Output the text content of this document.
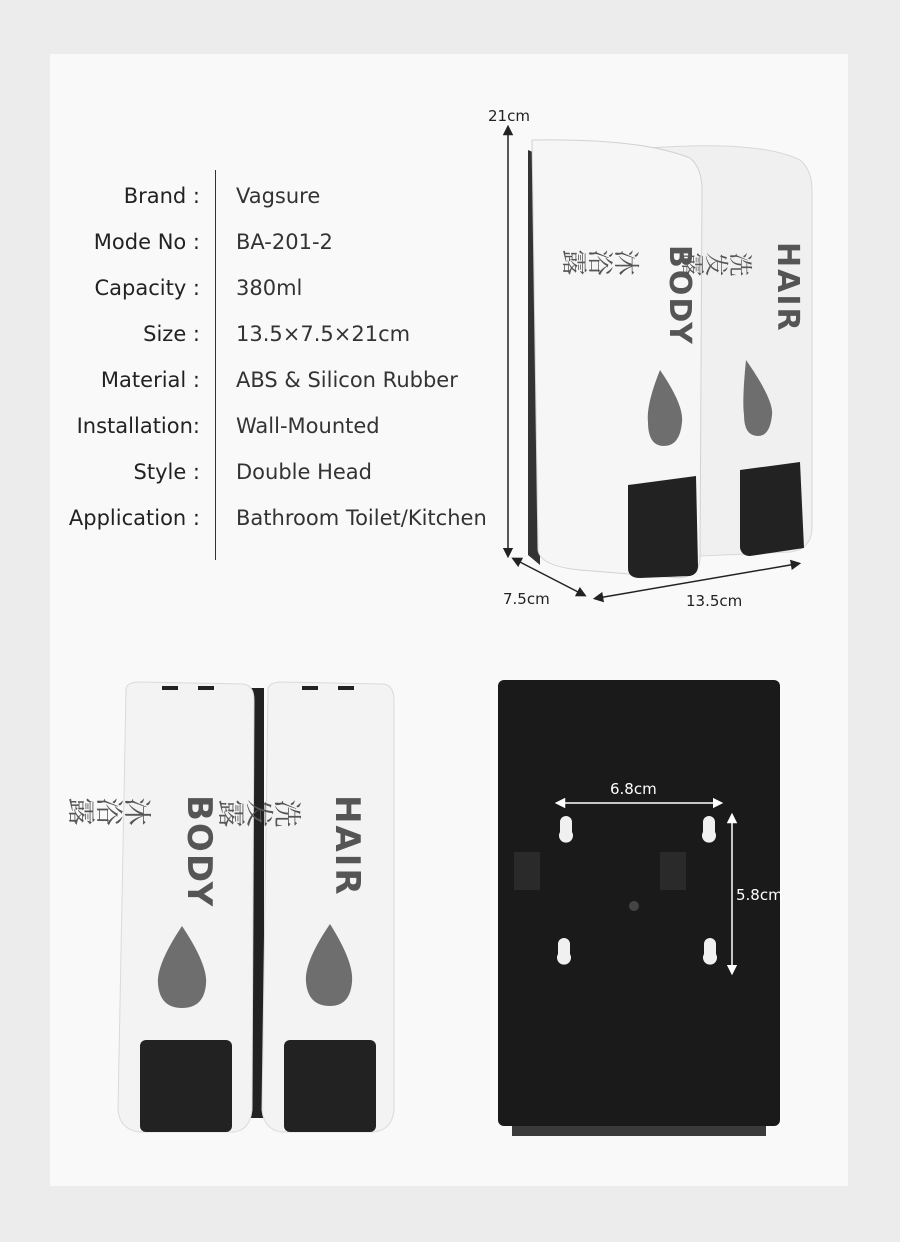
Brand : Vagsure
Mode No : BA-201-2
Capacity : 380ml
Size : 13.5×7.5×21cm
Material : ABS & Silicon Rubber
Installation: Wall-Mounted
Style : Double Head
Application : Bathroom Toilet/Kitchen
BODY
沐浴露	HAIR
洗发露
21cm
7.5cm	13.5cm
BODY
沐浴露	HAIR
洗发露
6.8cm
5.8cm
